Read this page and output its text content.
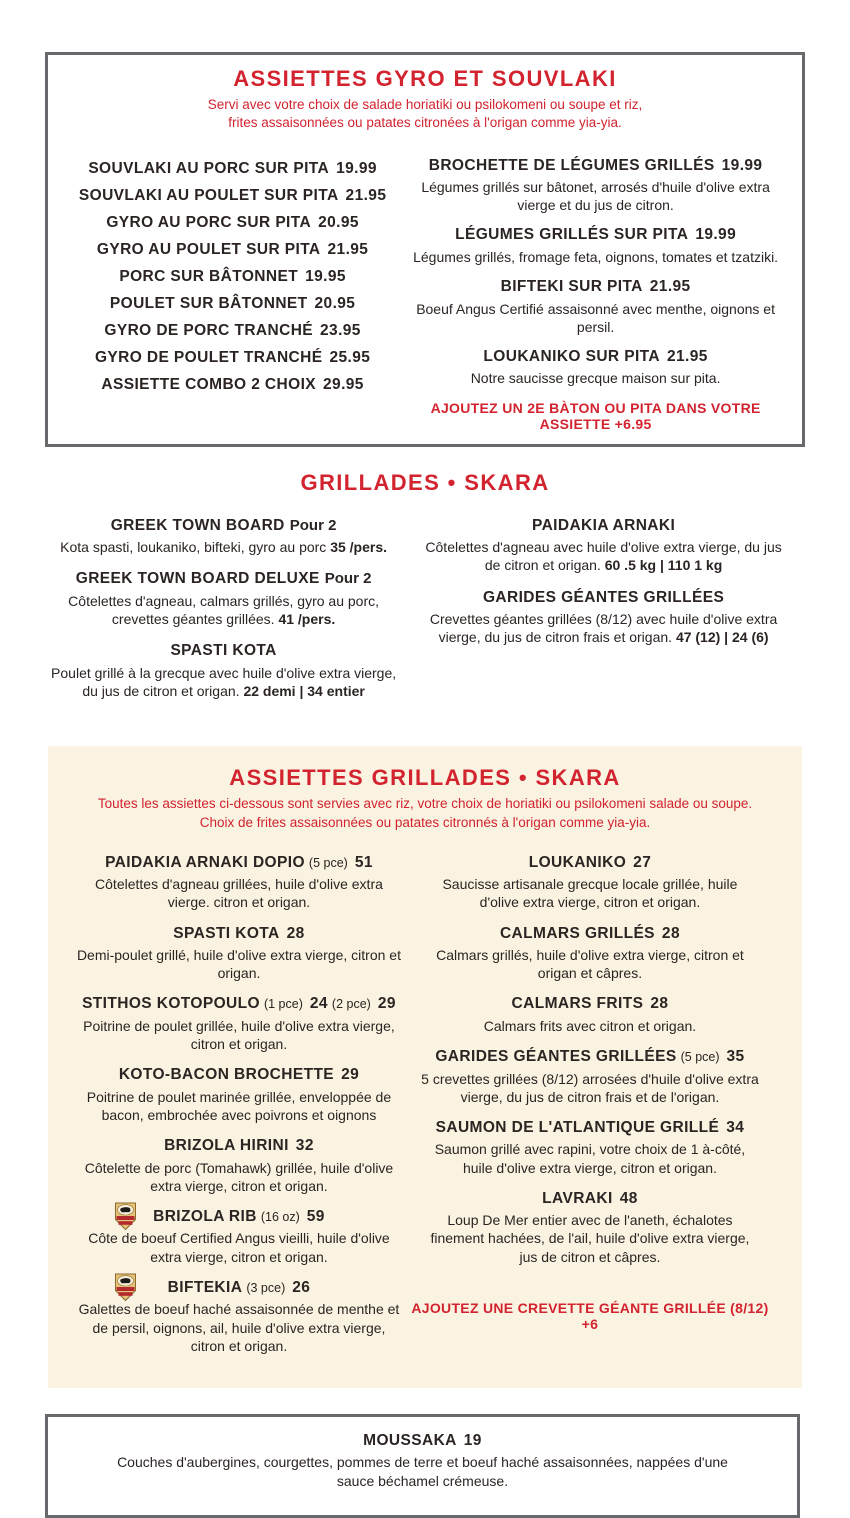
ASSIETTES GYRO ET SOUVLAKI
Servi avec votre choix de salade horiatiki ou psilokomeni ou soupe et riz,
frites assaisonnées ou patates citronées à l'origan comme yia-yia.
SOUVLAKI AU PORC SUR PITA 19.99
SOUVLAKI AU POULET SUR PITA 21.95
GYRO AU PORC SUR PITA 20.95
GYRO AU POULET SUR PITA 21.95
PORC SUR BÂTONNET 19.95
POULET SUR BÂTONNET 20.95
GYRO DE PORC TRANCHÉ 23.95
GYRO DE POULET TRANCHÉ 25.95
ASSIETTE COMBO 2 CHOIX 29.95
BROCHETTE DE LÉGUMES GRILLÉS 19.99
Légumes grillés sur bâtonet, arrosés d'huile d'olive extra vierge et du jus de citron.
LÉGUMES GRILLÉS SUR PITA 19.99
Légumes grillés, fromage feta, oignons, tomates et tzatziki.
BIFTEKI SUR PITA 21.95
Boeuf Angus Certifié assaisonné avec menthe, oignons et persil.
LOUKANIKO SUR PITA 21.95
Notre saucisse grecque maison sur pita.
AJOUTEZ UN 2E BÀTON OU PITA DANS VOTRE ASSIETTE +6.95
GRILLADES • SKARA
GREEK TOWN BOARD Pour 2
Kota spasti, loukaniko, bifteki, gyro au porc 35 /pers.
GREEK TOWN BOARD DELUXE Pour 2
Côtelettes d'agneau, calmars grillés, gyro au porc, crevettes géantes grillées. 41 /pers.
SPASTI KOTA
Poulet grillé à la grecque avec huile d'olive extra vierge, du jus de citron et origan. 22 demi | 34 entier
PAIDAKIA ARNAKI
Côtelettes d'agneau avec huile d'olive extra vierge, du jus de citron et origan. 60 .5 kg | 110 1 kg
GARIDES GÉANTES GRILLÉES
Crevettes géantes grillées (8/12) avec huile d'olive extra vierge, du jus de citron frais et origan. 47 (12) | 24 (6)
ASSIETTES GRILLADES • SKARA
Toutes les assiettes ci-dessous sont servies avec riz, votre choix de horiatiki ou psilokomeni salade ou soupe.
Choix de frites assaisonnées ou patates citronnés à l'origan comme yia-yia.
PAIDAKIA ARNAKI DOPIO (5 pce) 51
Côtelettes d'agneau grillées, huile d'olive extra vierge. citron et origan.
SPASTI KOTA 28
Demi-poulet grillé, huile d'olive extra vierge, citron et origan.
STITHOS KOTOPOULO (1 pce) 24 (2 pce) 29
Poitrine de poulet grillée, huile d'olive extra vierge, citron et origan.
KOTO-BACON BROCHETTE 29
Poitrine de poulet marinée grillée, enveloppée de bacon, embrochée avec poivrons et oignons
BRIZOLA HIRINI 32
Côtelette de porc (Tomahawk) grillée, huile d'olive extra vierge, citron et origan.
BRIZOLA RIB (16 oz) 59
Côte de boeuf Certified Angus vieilli, huile d'olive extra vierge, citron et origan.
BIFTEKIA (3 pce) 26
Galettes de boeuf haché assaisonnée de menthe et de persil, oignons, ail, huile d'olive extra vierge, citron et origan.
LOUKANIKO 27
Saucisse artisanale grecque locale grillée, huile d'olive extra vierge, citron et origan.
CALMARS GRILLÉS 28
Calmars grillés, huile d'olive extra vierge, citron et origan et câpres.
CALMARS FRITS 28
Calmars frits avec citron et origan.
GARIDES GÉANTES GRILLÉES (5 pce) 35
5 crevettes grillées (8/12) arrosées d'huile d'olive extra vierge, du jus de citron frais et de l'origan.
SAUMON DE L'ATLANTIQUE GRILLÉ 34
Saumon grillé avec rapini, votre choix de 1 à-côté, huile d'olive extra vierge, citron et origan.
LAVRAKI 48
Loup De Mer entier avec de l'aneth, échalotes finement hachées, de l'ail, huile d'olive extra vierge, jus de citron et câpres.
AJOUTEZ UNE CREVETTE GÉANTE GRILLÉE (8/12) +6
MOUSSAKA 19
Couches d'aubergines, courgettes, pommes de terre et boeuf haché assaisonnées, nappées d'une sauce béchamel crémeuse.
